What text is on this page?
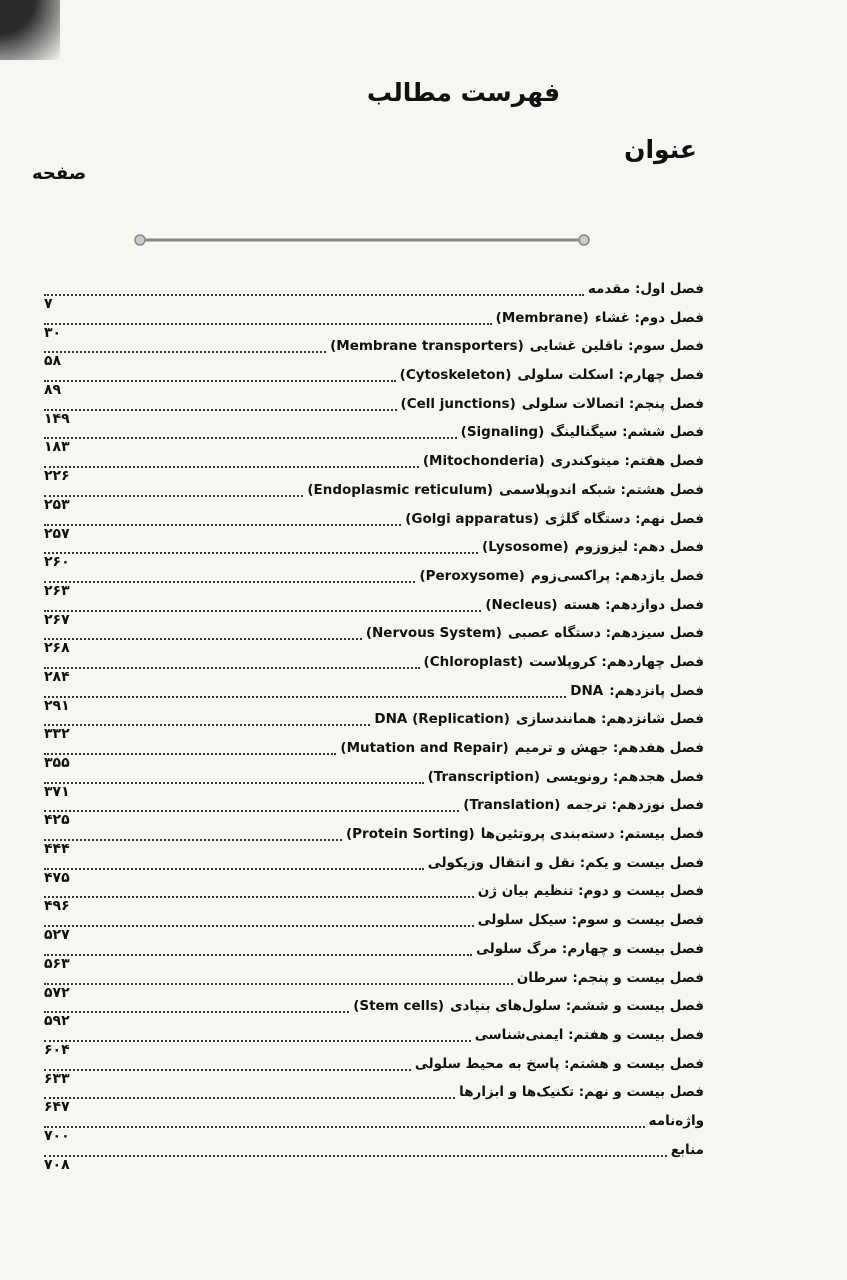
فهرست مطالب
عنوان
صفحه
فصل اول: مقدمه
۷
فصل دوم: غشاء
(Membrane)
۳۰
فصل سوم: ناقلین غشایی
(Membrane transporters)
۵۸
فصل چهارم: اسکلت سلولی
(Cytoskeleton)
۸۹
فصل پنجم: اتصالات سلولی
(Cell junctions)
۱۴۹
فصل ششم: سیگنالینگ
(Signaling)
۱۸۳
فصل هفتم: میتوکندری
(Mitochonderia)
۲۲۶
فصل هشتم: شبکه اندوپلاسمی
(Endoplasmic reticulum)
۲۵۳
فصل نهم: دستگاه گلژی
(Golgi apparatus)
۲۵۷
فصل دهم: لیزوزوم
(Lysosome)
۲۶۰
فصل یازدهم: پراکسی‌زوم
(Peroxysome)
۲۶۳
فصل دوازدهم: هسته
(Necleus)
۲۶۷
فصل سیزدهم: دستگاه عصبی
(Nervous System)
۲۶۸
فصل چهاردهم: کروپلاست
(Chloroplast)
۲۸۴
فصل پانزدهم:
DNA
۲۹۱
فصل شانزدهم: همانندسازی
DNA (Replication)
۳۳۲
فصل هفدهم: جهش و ترمیم
(Mutation and Repair)
۳۵۵
فصل هجدهم: رونویسی
(Transcription)
۳۷۱
فصل نوزدهم: ترجمه
(Translation)
۴۲۵
فصل بیستم: دسته‌بندی پروتئین‌ها
(Protein Sorting)
۴۴۴
فصل بیست و یکم: نقل و انتقال وزیکولی
۴۷۵
فصل بیست و دوم: تنظیم بیان ژن
۴۹۶
فصل بیست و سوم: سیکل سلولی
۵۲۷
فصل بیست و چهارم: مرگ سلولی
۵۶۳
فصل بیست و پنجم: سرطان
۵۷۲
فصل بیست و ششم: سلول‌های بنیادی
(Stem cells)
۵۹۲
فصل بیست و هفتم: ایمنی‌شناسی
۶۰۴
فصل بیست و هشتم: پاسخ به محیط سلولی
۶۳۳
فصل بیست و نهم: تکنیک‌ها و ابزارها
۶۴۷
واژه‌نامه
۷۰۰
منابع
۷۰۸
